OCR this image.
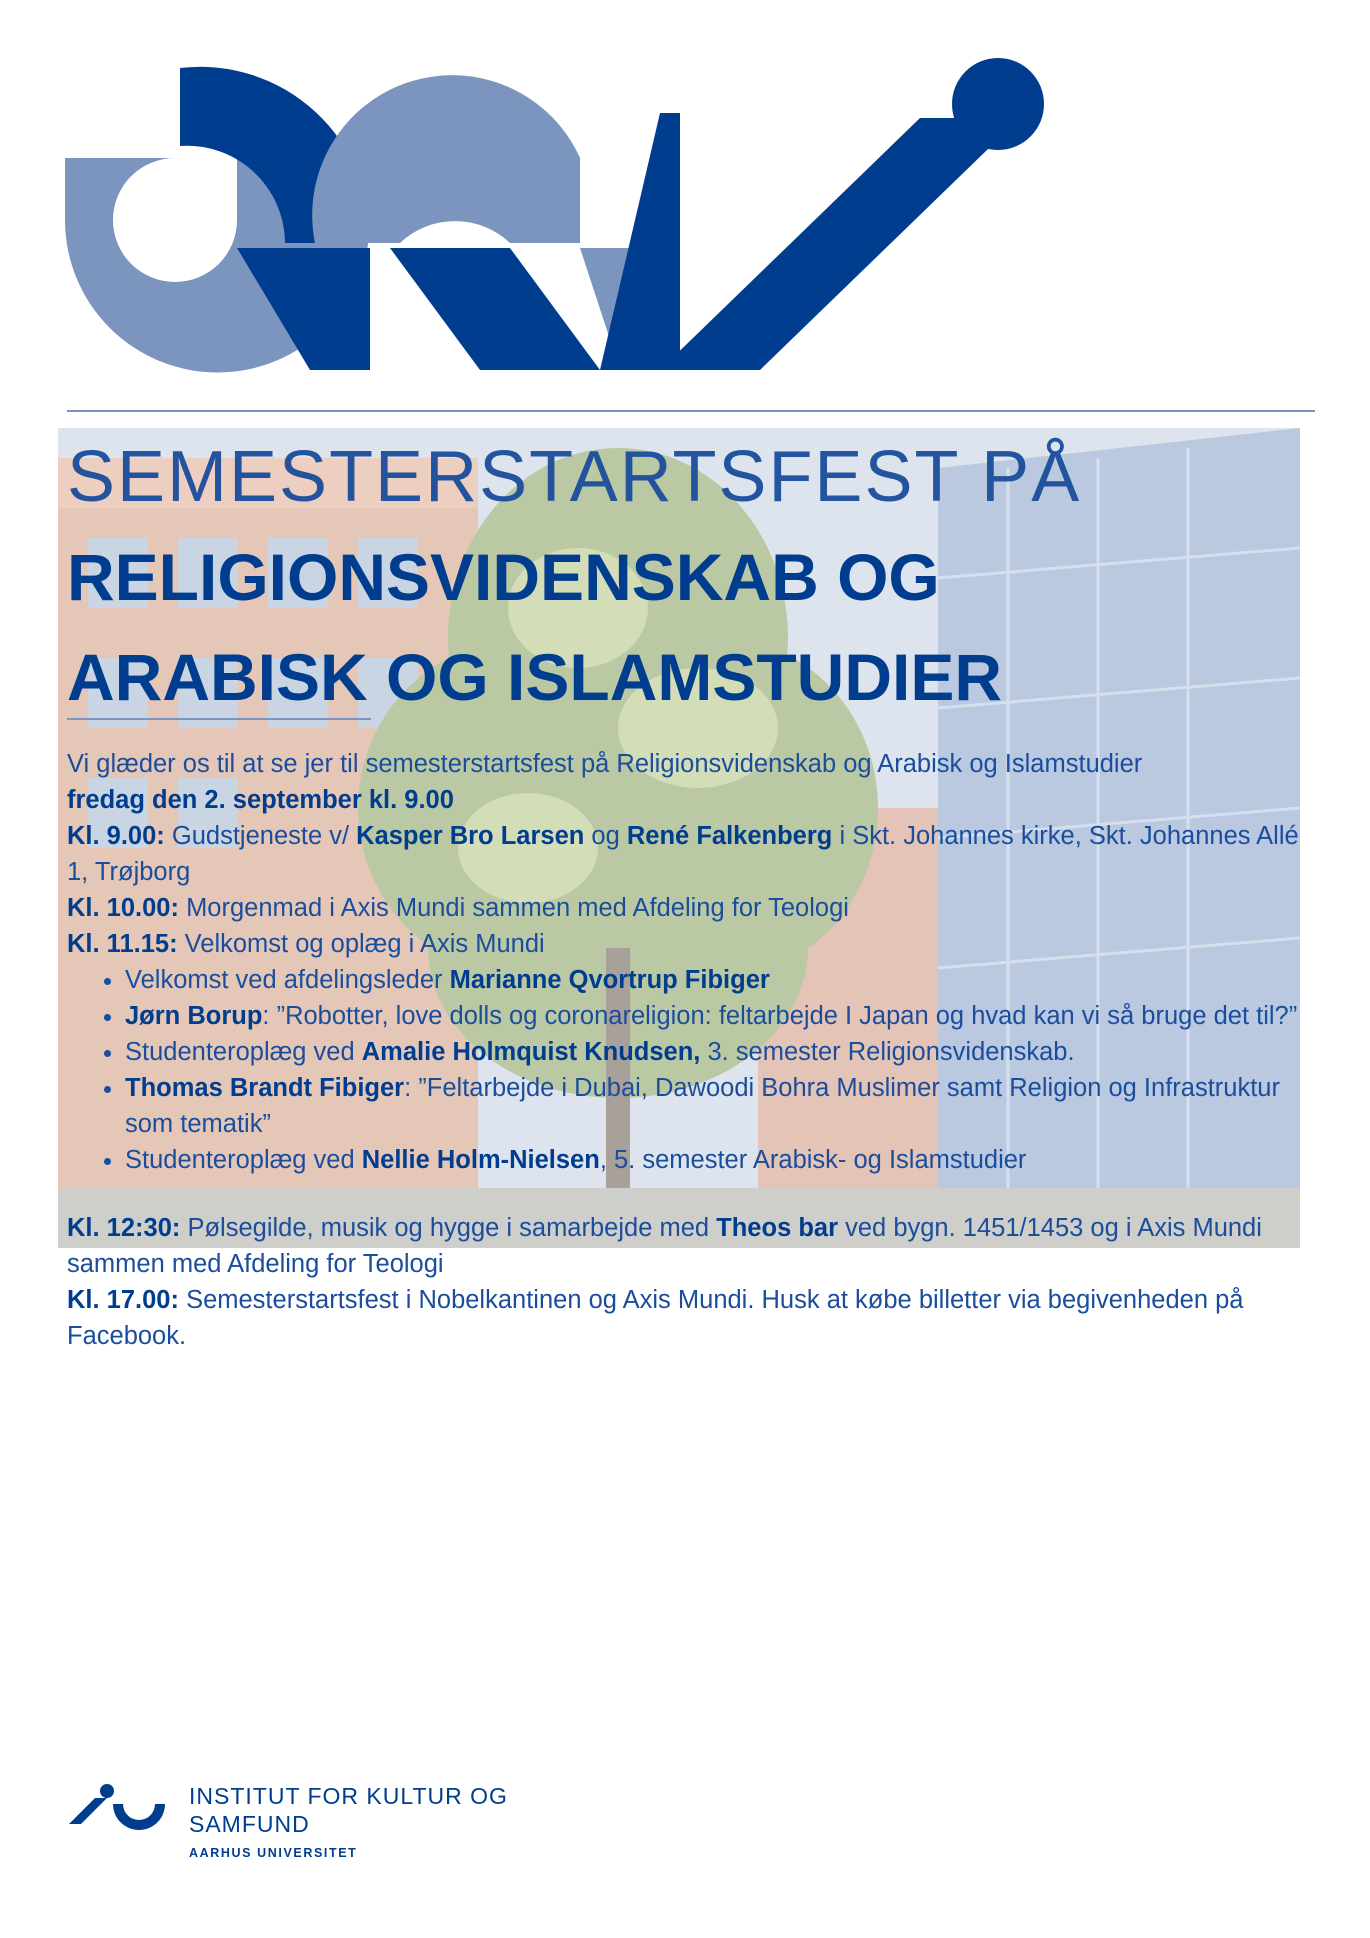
SEMESTERSTARTSFEST PÅ
RELIGIONSVIDENSKAB OG
ARABISK OG ISLAMSTUDIER

Vi glæder os til at se jer til semesterstartsfest på Religionsvidenskab og Arabisk og Islamstudier
fredag den 2. september kl. 9.00

Kl. 9.00: Gudstjeneste v/ Kasper Bro Larsen og René Falkenberg i Skt. Johannes kirke, Skt. Johannes Allé 1, Trøjborg

Kl. 10.00: Morgenmad i Axis Mundi sammen med Afdeling for Teologi

Kl. 11.15: Velkomst og oplæg i Axis Mundi

• Velkomst ved afdelingsleder Marianne Qvortrup Fibiger
• Jørn Borup: ”Robotter, love dolls og coronareligion: feltarbejde I Japan og hvad kan vi så bruge det til?”
• Studenteroplæg ved Amalie Holmquist Knudsen, 3. semester Religionsvidenskab.
• Thomas Brandt Fibiger: ”Feltarbejde i Dubai, Dawoodi Bohra Muslimer samt Religion og Infrastruktur som tematik”
• Studenteroplæg ved Nellie Holm-Nielsen, 5. semester Arabisk- og Islamstudier

Kl. 12:30: Pølsegilde, musik og hygge i samarbejde med Theos bar ved bygn. 1451/1453 og i Axis Mundi sammen med Afdeling for Teologi

Kl. 17.00: Semesterstartsfest i Nobelkantinen og Axis Mundi. Husk at købe billetter via begivenheden på Facebook.

INSTITUT FOR KULTUR OG
SAMFUND
AARHUS UNIVERSITET
